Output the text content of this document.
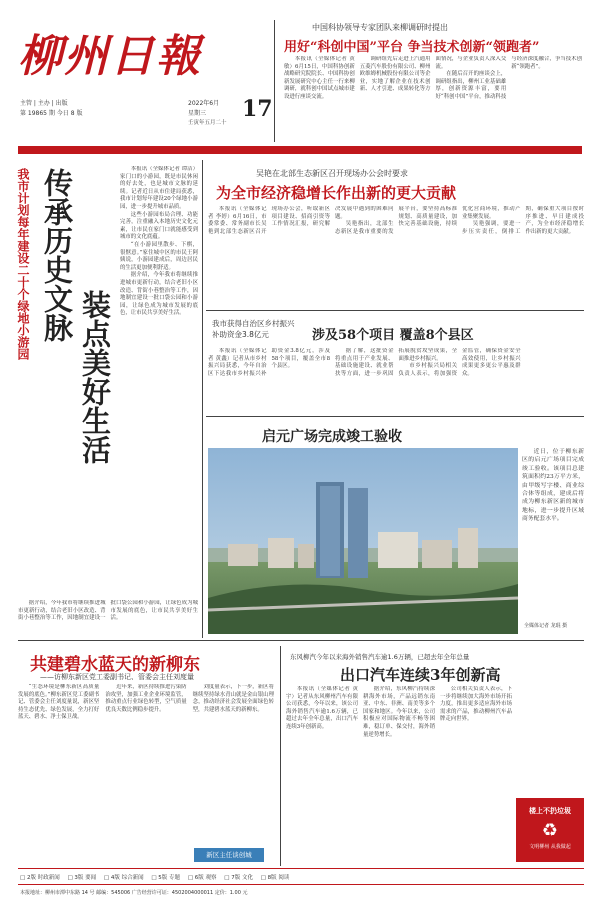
柳州日報
主管 | 主办 | 出版
第 19865 期 今日 8 版
2022年6月
星期三
壬寅年五月二十
17
中共柳州市委主管主办	国内统一连续出版物号 CN45-0003
中国科协领导专家团队来柳调研时提出
用好“科创中国”平台 争当技术创新“领跑者”

本报讯（全媒体记者 黄敏）6月15日，中国科协创新战略研究院院长、中国科协创新发展研究中心主任一行来柳调研，就科创中国试点城市建设进行座谈交流。

调研组先后走进上汽通用五菱汽车股份有限公司、柳州欧维姆机械股份有限公司等企业，实地了解企业在技术创新、人才引进、成果转化等方面情况，与企业负责人深入交流。

在随后召开的座谈会上，调研组指出，柳州工业基础雄厚，创新资源丰富，要用好“科创中国”平台，推动科技与经济深度融合，争当技术创新“领跑者”。

我市计划每年建设二十个绿地小游园 传承历史文脉
装点美好生活

本报讯（全媒体记者 谭洁）家门口的小游园，既是市民休闲的好去处，也是城市文脉的延续。记者近日从市住建局获悉，我市计划每年建设20个绿地小游园，进一步提升城市品质。

这些小游园布局合理、功能完善，注重融入本地历史文化元素，让市民在家门口就能感受到城市的文化底蕴。

“在小游园里散步、下棋，很惬意。”家住城中区的市民王阿姨说，小游园建成后，周边居民的生活更加便利舒适。

据介绍，今年我市将继续推进城市更新行动，结合老旧小区改造、背街小巷整治等工作，因地制宜建设一批口袋公园和小游园，让绿色成为城市发展的底色，让市民共享美好生活。

据介绍，今年我市将继续推进城市更新行动，结合老旧小区改造、背街小巷整治等工作，因地制宜建设一批口袋公园和小游园，让绿色成为城市发展的底色，让市民共享美好生活。

吴艳在北部生态新区召开现场办公会时要求
为全市经济稳增长作出新的更大贡献

本报讯（全媒体记者 李婷）6月16日，市委常委、常务副市长吴艳到北部生态新区召开现场办公会，听取新区项目建设、招商引资等工作情况汇报，研究解决发展中遇到的困难问题。

吴艳指出，北部生态新区是我市重要的发展平台，要坚持高标准规划、高质量建设，加快完善基础设施，持续优化营商环境，推动产业集聚发展。

吴艳强调，要进一步压实责任，倒排工期，确保重大项目按时序推进、早日建成投产，为全市经济稳增长作出新的更大贡献。

我市获得自治区乡村振兴补助资金3.8亿元	涉及58个项目 覆盖8个县区

本报讯（全媒体记者 黄鑫）记者从市乡村振兴局获悉，今年自治区下达我市乡村振兴补助资金3.8亿元，涉及58个项目，覆盖全市8个县区。

据了解，这批资金将重点用于产业发展、基础设施建设、就业帮扶等方面，进一步巩固拓展脱贫攻坚成果，全面推进乡村振兴。

市乡村振兴局相关负责人表示，将加强资金监管，确保资金安全高效使用，让乡村振兴成果更多更公平惠及群众。

启元广场完成竣工验收

近日，位于柳东新区的启元广场项目完成竣工验收。该项目总建筑面积约23万平方米，由甲级写字楼、商业综合体等组成，建成后将成为柳东新区新的城市地标，进一步提升区域商务配套水平。

全媒体记者 龙琨 摄
共建碧水蓝天的新柳东
——访柳东新区党工委副书记、管委会主任刘度量

“生态环境是柳东新区高质量发展的底色。”柳东新区党工委副书记、管委会主任刘度量说，新区坚持生态优先、绿色发展，全力打好蓝天、碧水、净土保卫战。

近年来，新区持续推进污染防治攻坚，加强工业企业环境监管，推动重点行业绿色转型，空气质量优良天数比例稳步提升。

刘度量表示，下一步，新区将继续坚持绿水青山就是金山银山理念，推动经济社会发展全面绿色转型，共建碧水蓝天的新柳东。

新区主任谈创城
东风柳汽今年以来海外销售汽车逾1.6万辆，已超去年全年总量
出口汽车连续3年创新高

本报讯（全媒体记者 黄宇）记者从东风柳州汽车有限公司获悉，今年以来，该公司海外销售汽车逾1.6万辆，已超过去年全年总量，出口汽车连续3年创新高。

据介绍，东风柳汽持续深耕海外市场，产品远销东南亚、中东、非洲、南美等多个国家和地区。今年以来，公司积极应对国际物流不畅等困难，稳订单、保交付，海外销量逆势增长。

公司相关负责人表示，下一步将继续加大海外市场开拓力度，推出更多适应海外市场需求的产品，推动柳州汽车品牌走向世界。

楼上不扔垃圾
♻
文明柳州 从我做起
□ 2版 时政新闻 □ 3版 要闻 □ 4版 综合新闻 □ 5版 专题 □ 6版 观察 □ 7版 文化 □ 8版 阅读
本报地址：柳州市潭中东路 14 号 邮编：545006 广告经营许可证：4502004000011 定价：1.00 元
